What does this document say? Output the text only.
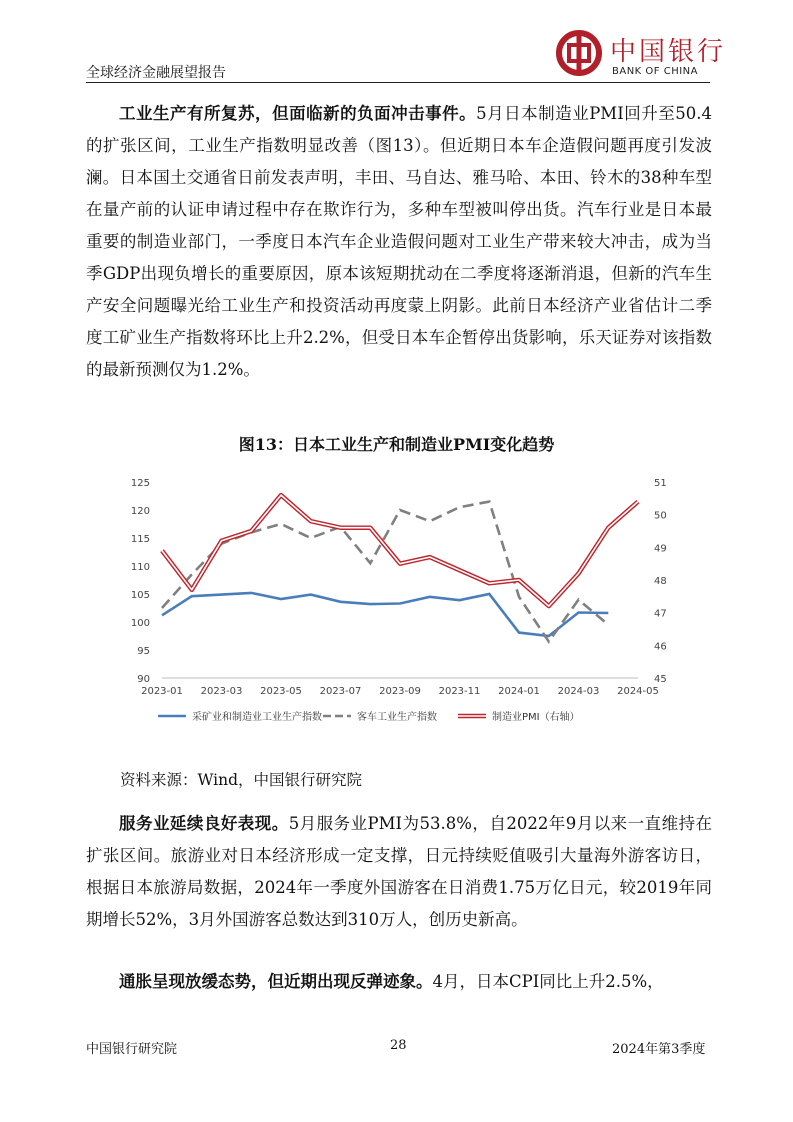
全球经济金融展望报告
中国银行
BANK OF CHINA
工业生产有所复苏，但面临新的负面冲击事件。5月日本制造业PMI回升至50.4的扩张区间，工业生产指数明显改善（图13）。但近期日本车企造假问题再度引发波澜。日本国土交通省日前发表声明，丰田、马自达、雅马哈、本田、铃木的38种车型在量产前的认证申请过程中存在欺诈行为，多种车型被叫停出货。汽车行业是日本最重要的制造业部门，一季度日本汽车企业造假问题对工业生产带来较大冲击，成为当季GDP出现负增长的重要原因，原本该短期扰动在二季度将逐渐消退，但新的汽车生产安全问题曝光给工业生产和投资活动再度蒙上阴影。此前日本经济产业省估计二季度工矿业生产指数将环比上升2.2%，但受日本车企暂停出货影响，乐天证券对该指数的最新预测仅为1.2%。
图13：日本工业生产和制造业PMI变化趋势
90
95
100
105
110
115
120
125
45
46
47
48
49
50
51
2023-01 2023-03 2023-05 2023-07 2023-09 2023-11 2024-01 2024-03 2024-05
采矿业和制造业工业生产指数	客车工业生产指数	制造业PMI（右轴）
资料来源：Wind，中国银行研究院
服务业延续良好表现。5月服务业PMI为53.8%，自2022年9月以来一直维持在扩张区间。旅游业对日本经济形成一定支撑，日元持续贬值吸引大量海外游客访日，根据日本旅游局数据，2024年一季度外国游客在日消费1.75万亿日元，较2019年同期增长52%，3月外国游客总数达到310万人，创历史新高。
通胀呈现放缓态势，但近期出现反弹迹象。4月，日本CPI同比上升2.5%，
中国银行研究院	28	2024年第3季度
